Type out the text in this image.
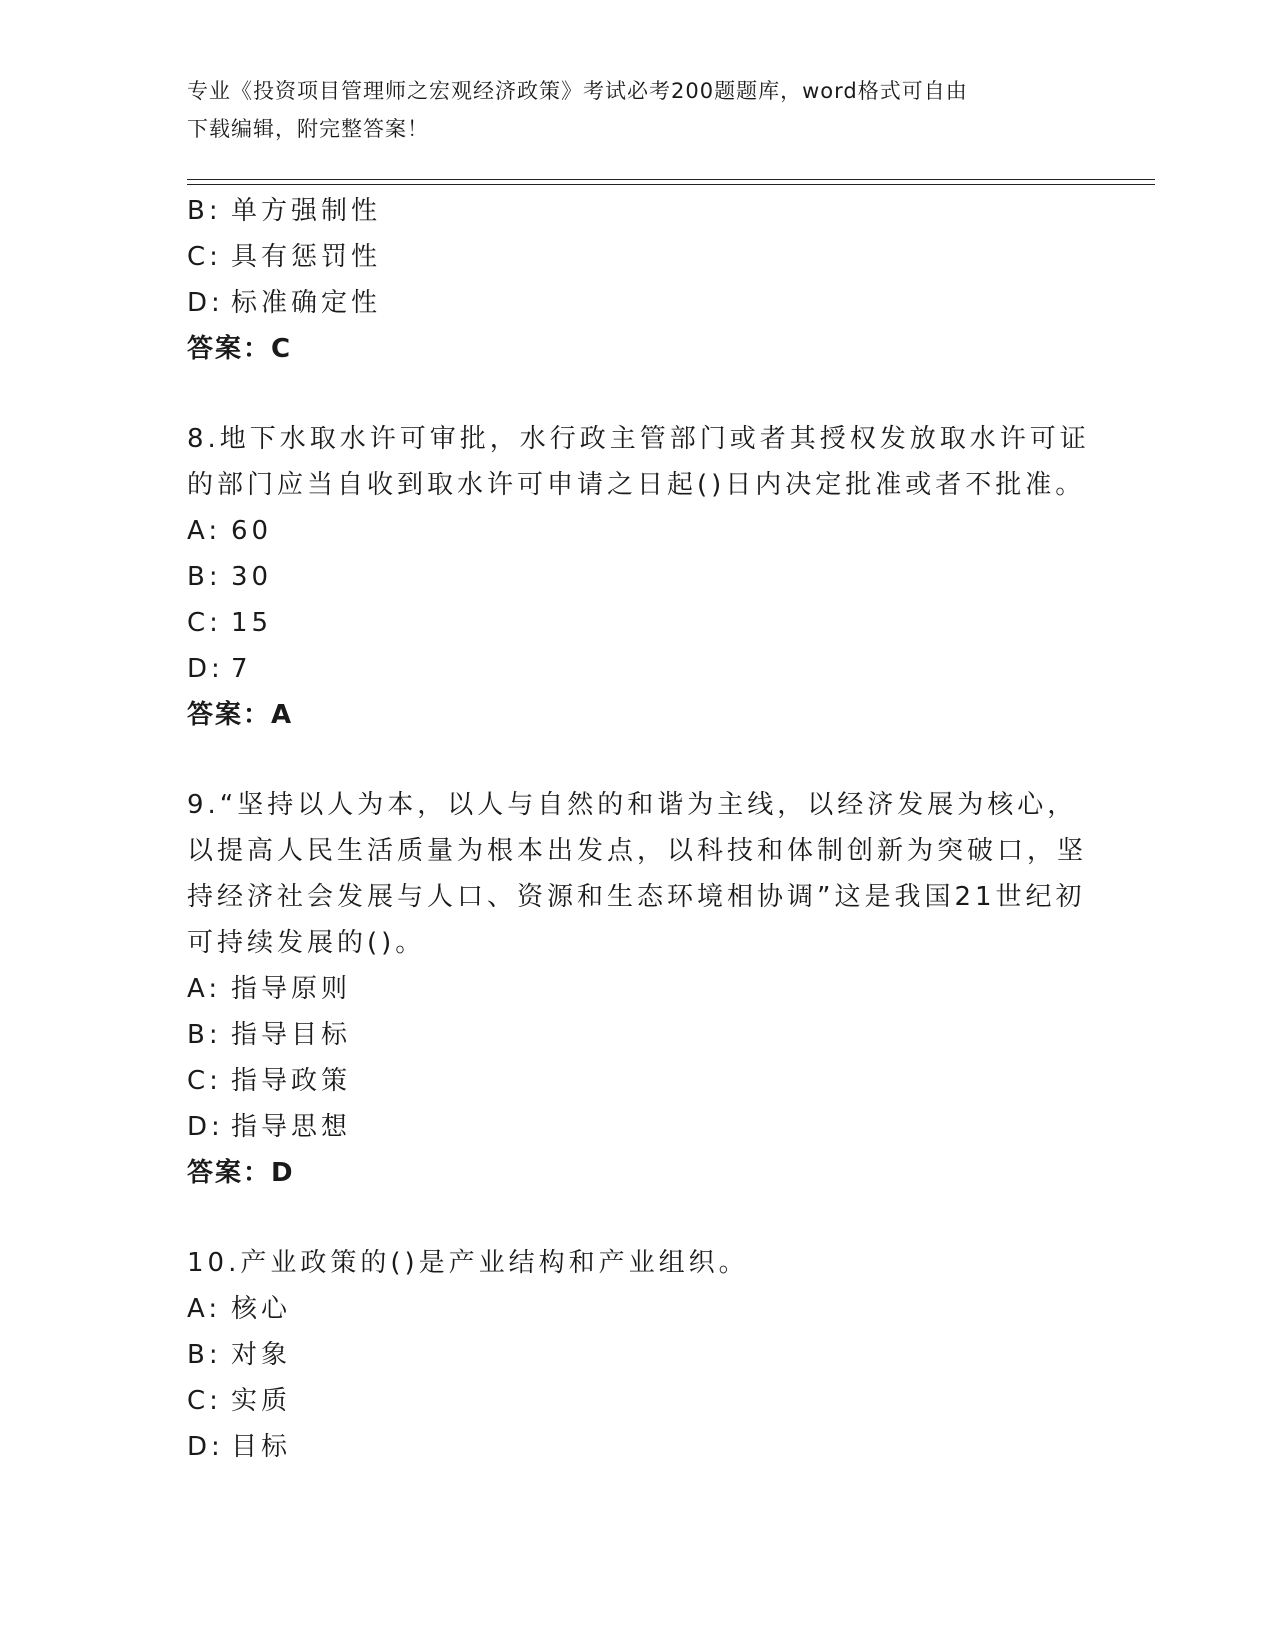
专业《投资项目管理师之宏观经济政策》考试必考200题题库，word格式可自由
下载编辑，附完整答案！
B: 单方强制性
C: 具有惩罚性
D: 标准确定性
答案：C
8.地下水取水许可审批，水行政主管部门或者其授权发放取水许可证
的部门应当自收到取水许可申请之日起()日内决定批准或者不批准。
A: 60
B: 30
C: 15
D: 7
答案：A
9.“坚持以人为本，以人与自然的和谐为主线，以经济发展为核心，
以提高人民生活质量为根本出发点，以科技和体制创新为突破口，坚
持经济社会发展与人口、资源和生态环境相协调”这是我国21世纪初
可持续发展的()。
A: 指导原则
B: 指导目标
C: 指导政策
D: 指导思想
答案：D
10.产业政策的()是产业结构和产业组织。
A: 核心
B: 对象
C: 实质
D: 目标
